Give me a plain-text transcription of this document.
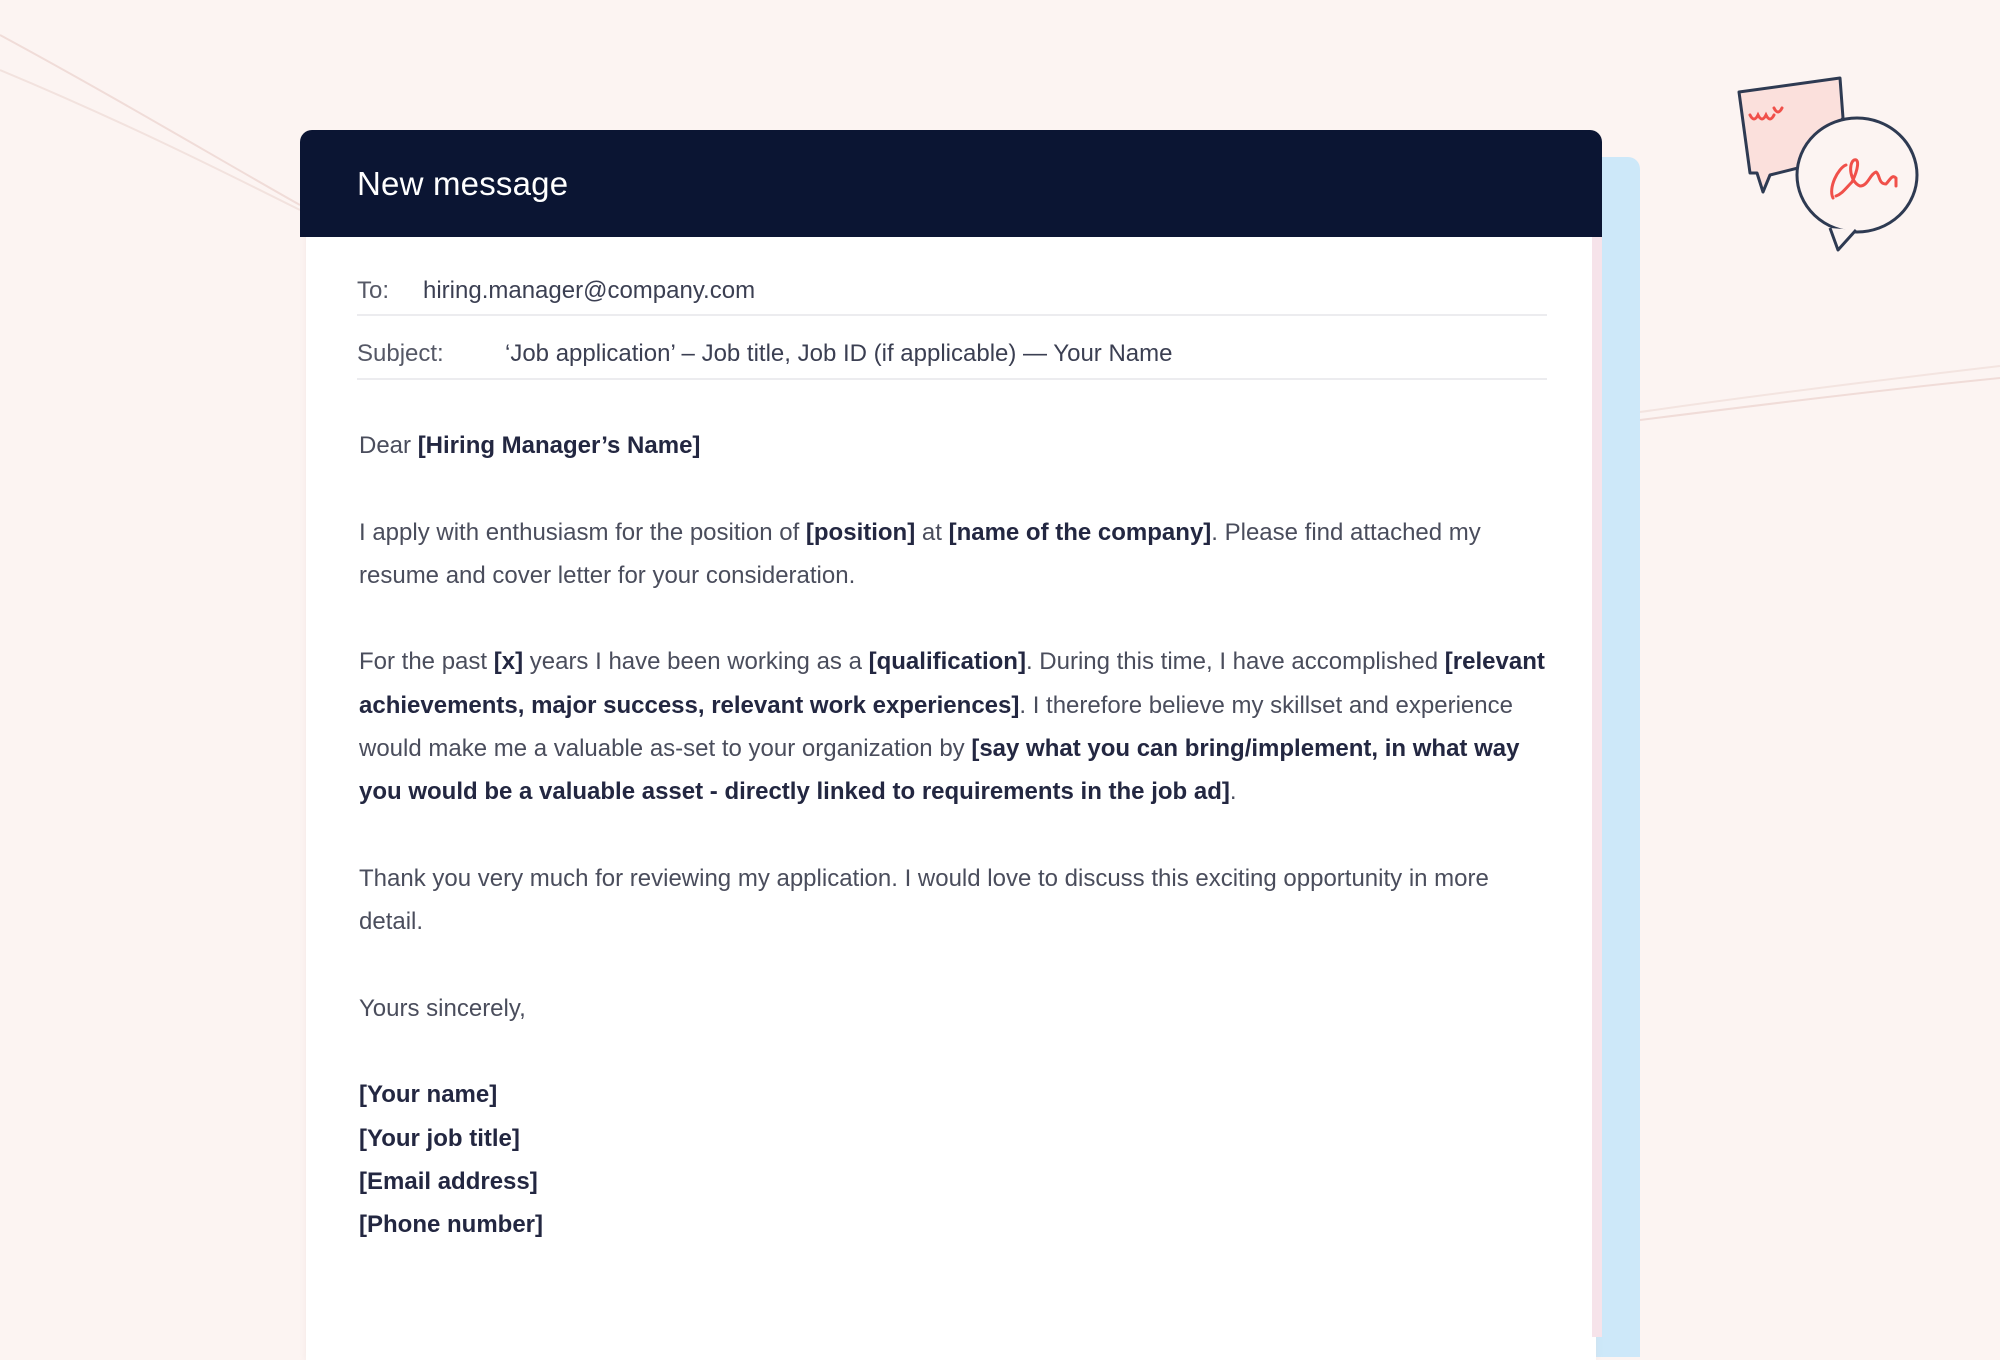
New message
To:	hiring.manager@company.com
Subject:	‘Job application’ – Job title, Job ID (if applicable) — Your Name

Dear [Hiring Manager’s Name]

I apply with enthusiasm for the position of [position] at [name of the company]. Please find attached my resume and cover letter for your consideration.

For the past [x] years I have been working as a [qualification]. During this time, I have accomplished [relevant achievements, major success, relevant work experiences]. I therefore believe my skillset and experience would make me a valuable as-set to your organization by [say what you can bring/implement, in what way you would be a valuable asset - directly linked to requirements in the job ad].

Thank you very much for reviewing my application. I would love to discuss this exciting opportunity in more detail.

Yours sincerely,

[Your name]
[Your job title]
[Email address]
[Phone number]
